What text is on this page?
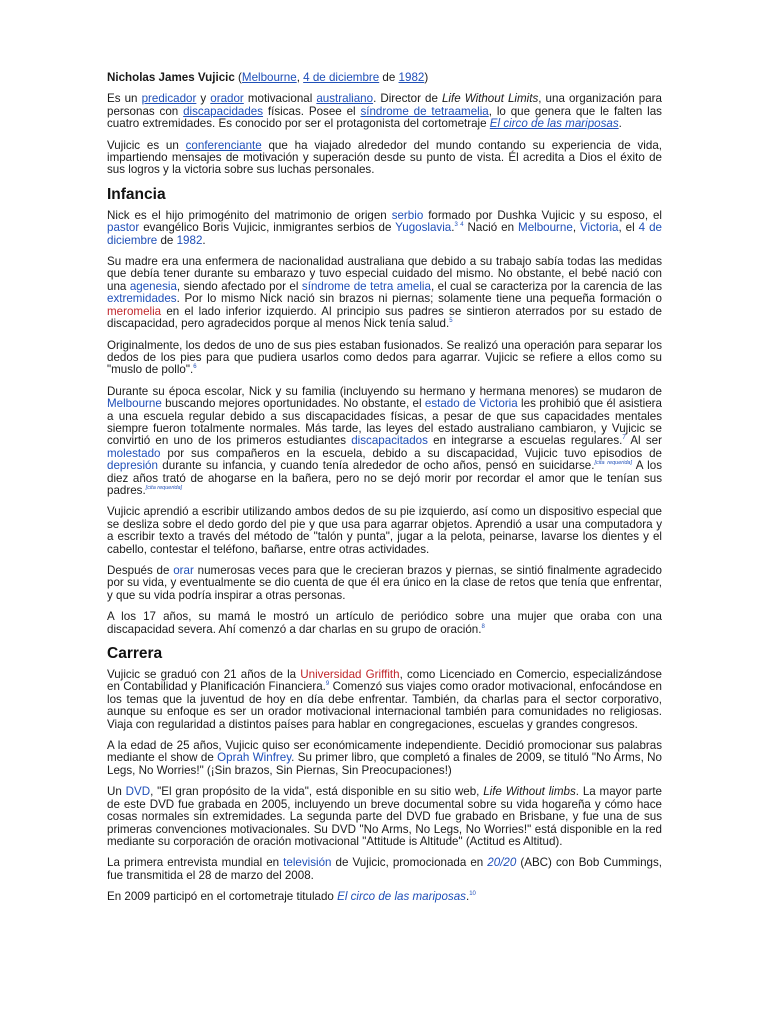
Nicholas James Vujicic (Melbourne, 4 de diciembre de 1982)

Es un predicador y orador motivacional australiano. Director de Life Without Limits, una organización para personas con discapacidades físicas. Posee el síndrome de tetraamelia, lo que genera que le falten las cuatro extremidades. Es conocido por ser el protagonista del cortometraje El circo de las mariposas.

Vujicic es un conferenciante que ha viajado alrededor del mundo contando su experiencia de vida, impartiendo mensajes de motivación y superación desde su punto de vista. Él acredita a Dios el éxito de sus logros y la victoria sobre sus luchas personales.

Infancia

Nick es el hijo primogénito del matrimonio de origen serbio formado por Dushka Vujicic y su esposo, el pastor evangélico Boris Vujicic, inmigrantes serbios de Yugoslavia.$^{3 4}$ Nació en Melbourne, Victoria, el 4 de diciembre de 1982.

Su madre era una enfermera de nacionalidad australiana que debido a su trabajo sabía todas las medidas que debía tener durante su embarazo y tuvo especial cuidado del mismo. No obstante, el bebé nació con una agenesia, siendo afectado por el síndrome de tetra amelia, el cual se caracteriza por la carencia de las extremidades. Por lo mismo Nick nació sin brazos ni piernas; solamente tiene una pequeña formación o meromelia en el lado inferior izquierdo. Al principio sus padres se sintieron aterrados por su estado de discapacidad, pero agradecidos porque al menos Nick tenía salud.$^5$

Originalmente, los dedos de uno de sus pies estaban fusionados. Se realizó una operación para separar los dedos de los pies para que pudiera usarlos como dedos para agarrar. Vujicic se refiere a ellos como su "muslo de pollo".$^6$

Durante su época escolar, Nick y su familia (incluyendo su hermano y hermana menores) se mudaron de Melbourne buscando mejores oportunidades. No obstante, el estado de Victoria les prohibió que él asistiera a una escuela regular debido a sus discapacidades físicas, a pesar de que sus capacidades mentales siempre fueron totalmente normales. Más tarde, las leyes del estado australiano cambiaron, y Vujicic se convirtió en uno de los primeros estudiantes discapacitados en integrarse a escuelas regulares.$^7$ Al ser molestado por sus compañeros en la escuela, debido a su discapacidad, Vujicic tuvo episodios de depresión durante su infancia, y cuando tenía alrededor de ocho años, pensó en suicidarse.[cita requerida] A los diez años trató de ahogarse en la bañera, pero no se dejó morir por recordar el amor que le tenían sus padres.[cita requerida]

Vujicic aprendió a escribir utilizando ambos dedos de su pie izquierdo, así como un dispositivo especial que se desliza sobre el dedo gordo del pie y que usa para agarrar objetos. Aprendió a usar una computadora y a escribir texto a través del método de "talón y punta", jugar a la pelota, peinarse, lavarse los dientes y el cabello, contestar el teléfono, bañarse, entre otras actividades.

Después de orar numerosas veces para que le crecieran brazos y piernas, se sintió finalmente agradecido por su vida, y eventualmente se dio cuenta de que él era único en la clase de retos que tenía que enfrentar, y que su vida podría inspirar a otras personas.

A los 17 años, su mamá le mostró un artículo de periódico sobre una mujer que oraba con una discapacidad severa. Ahí comenzó a dar charlas en su grupo de oración.$^8$

Carrera

Vujicic se graduó con 21 años de la Universidad Griffith, como Licenciado en Comercio, especializándose en Contabilidad y Planificación Financiera.$^9$ Comenzó sus viajes como orador motivacional, enfocándose en los temas que la juventud de hoy en día debe enfrentar. También, da charlas para el sector corporativo, aunque su enfoque es ser un orador motivacional internacional también para comunidades no religiosas. Viaja con regularidad a distintos países para hablar en congregaciones, escuelas y grandes congresos.

A la edad de 25 años, Vujicic quiso ser económicamente independiente. Decidió promocionar sus palabras mediante el show de Oprah Winfrey. Su primer libro, que completó a finales de 2009, se tituló "No Arms, No Legs, No Worries!" (¡Sin brazos, Sin Piernas, Sin Preocupaciones!)

Un DVD, "El gran propósito de la vida", está disponible en su sitio web, Life Without limbs. La mayor parte de este DVD fue grabada en 2005, incluyendo un breve documental sobre su vida hogareña y cómo hace cosas normales sin extremidades. La segunda parte del DVD fue grabado en Brisbane, y fue una de sus primeras convenciones motivacionales. Su DVD "No Arms, No Legs, No Worries!" está disponible en la red mediante su corporación de oración motivacional "Attitude is Altitude" (Actitud es Altitud).

La primera entrevista mundial en televisión de Vujicic, promocionada en 20/20 (ABC) con Bob Cummings, fue transmitida el 28 de marzo del 2008.

En 2009 participó en el cortometraje titulado El circo de las mariposas.$^{10}$
